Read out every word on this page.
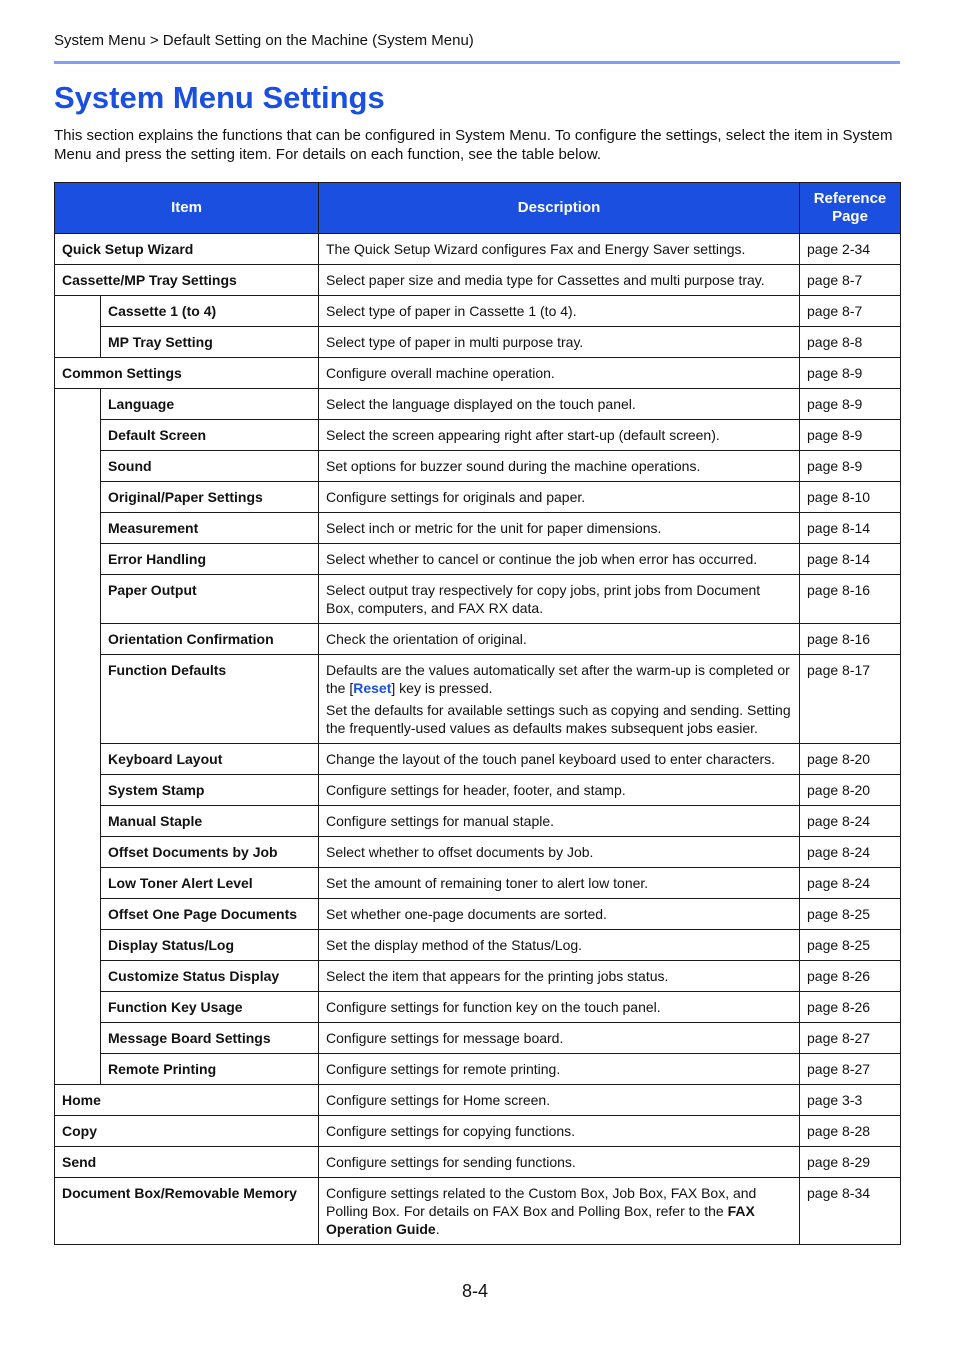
System Menu > Default Setting on the Machine (System Menu)
System Menu Settings

This section explains the functions that can be configured in System Menu. To configure the settings, select the item in System Menu and press the setting item. For details on each function, see the table below.

Item		Description	Reference Page
Quick Setup Wizard		The Quick Setup Wizard configures Fax and Energy Saver settings.	page 2-34
Cassette/MP Tray Settings		Select paper size and media type for Cassettes and multi purpose tray.	page 8-7
	Cassette 1 (to 4)	Select type of paper in Cassette 1 (to 4).	page 8-7
	MP Tray Setting	Select type of paper in multi purpose tray.	page 8-8
Common Settings		Configure overall machine operation.	page 8-9
	Language	Select the language displayed on the touch panel.	page 8-9
	Default Screen	Select the screen appearing right after start-up (default screen).	page 8-9
	Sound	Set options for buzzer sound during the machine operations.	page 8-9
	Original/Paper Settings	Configure settings for originals and paper.	page 8-10
	Measurement	Select inch or metric for the unit for paper dimensions.	page 8-14
	Error Handling	Select whether to cancel or continue the job when error has occurred.	page 8-14
	Paper Output	Select output tray respectively for copy jobs, print jobs from Document Box, computers, and FAX RX data.	page 8-16
	Orientation Confirmation	Check the orientation of original.	page 8-16
	Function Defaults	Defaults are the values automatically set after the warm-up is completed or the [Reset] key is pressed.

Set the defaults for available settings such as copying and sending. Setting the frequently-used values as defaults makes subsequent jobs easier.	page 8-17
	Keyboard Layout	Change the layout of the touch panel keyboard used to enter characters.	page 8-20
	System Stamp	Configure settings for header, footer, and stamp.	page 8-20
	Manual Staple	Configure settings for manual staple.	page 8-24
	Offset Documents by Job	Select whether to offset documents by Job.	page 8-24
	Low Toner Alert Level	Set the amount of remaining toner to alert low toner.	page 8-24
	Offset One Page Documents	Set whether one-page documents are sorted.	page 8-25
	Display Status/Log	Set the display method of the Status/Log.	page 8-25
	Customize Status Display	Select the item that appears for the printing jobs status.	page 8-26
	Function Key Usage	Configure settings for function key on the touch panel.	page 8-26
	Message Board Settings	Configure settings for message board.	page 8-27
	Remote Printing	Configure settings for remote printing.	page 8-27
Home		Configure settings for Home screen.	page 3-3
Copy		Configure settings for copying functions.	page 8-28
Send		Configure settings for sending functions.	page 8-29
Document Box/Removable Memory		Configure settings related to the Custom Box, Job Box, FAX Box, and Polling Box. For details on FAX Box and Polling Box, refer to the FAX Operation Guide.	page 8-34
8-4
